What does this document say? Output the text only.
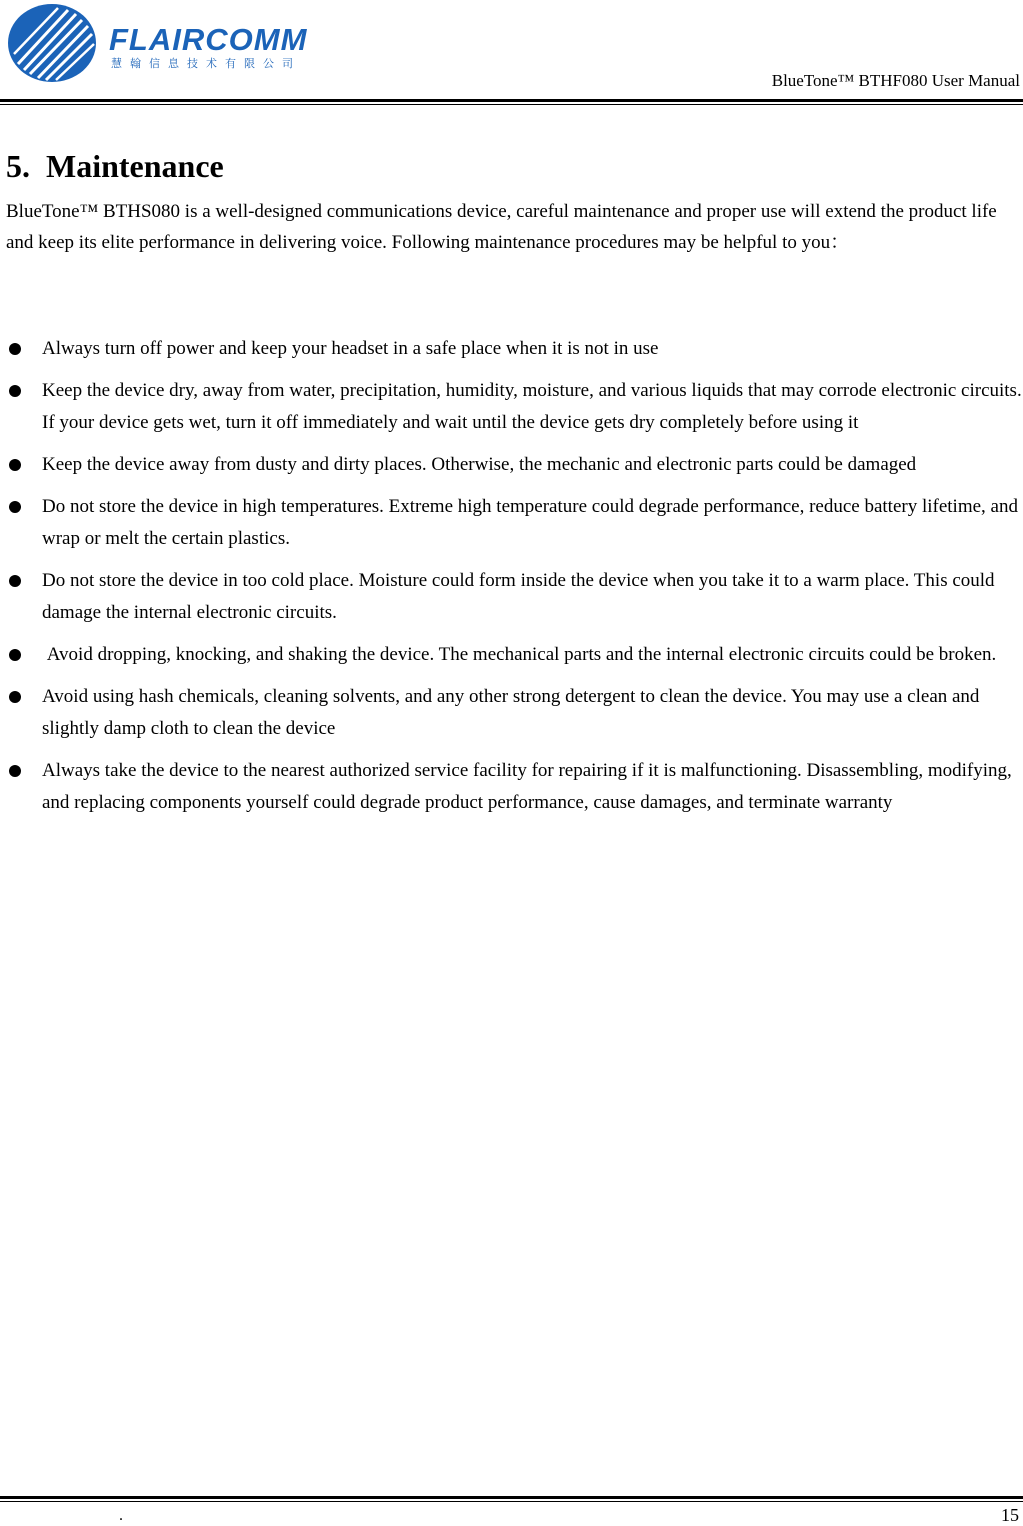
FLAIRCOMM
慧翰信息技术有限公司
BlueTone™ BTHF080 User Manual
5. Maintenance

BlueTone™ BTHS080 is a well-designed communications device, careful maintenance and proper use will extend the product life and keep its elite performance in delivering voice. Following maintenance procedures may be helpful to you：

Always turn off power and keep your headset in a safe place when it is not in use
Keep the device dry, away from water, precipitation, humidity, moisture, and various liquids that may corrode electronic circuits. If your device gets wet, turn it off immediately and wait until the device gets dry completely before using it
Keep the device away from dusty and dirty places. Otherwise, the mechanic and electronic parts could be damaged
Do not store the device in high temperatures. Extreme high temperature could degrade performance, reduce battery lifetime, and wrap or melt the certain plastics.
Do not store the device in too cold place. Moisture could form inside the device when you take it to a warm place. This could damage the internal electronic circuits.
Avoid dropping, knocking, and shaking the device. The mechanical parts and the internal electronic circuits could be broken.
Avoid using hash chemicals, cleaning solvents, and any other strong detergent to clean the device. You may use a clean and slightly damp cloth to clean the device
Always take the device to the nearest authorized service facility for repairing if it is malfunctioning. Disassembling, modifying, and replacing components yourself could degrade product performance, cause damages, and terminate warranty
.	15
